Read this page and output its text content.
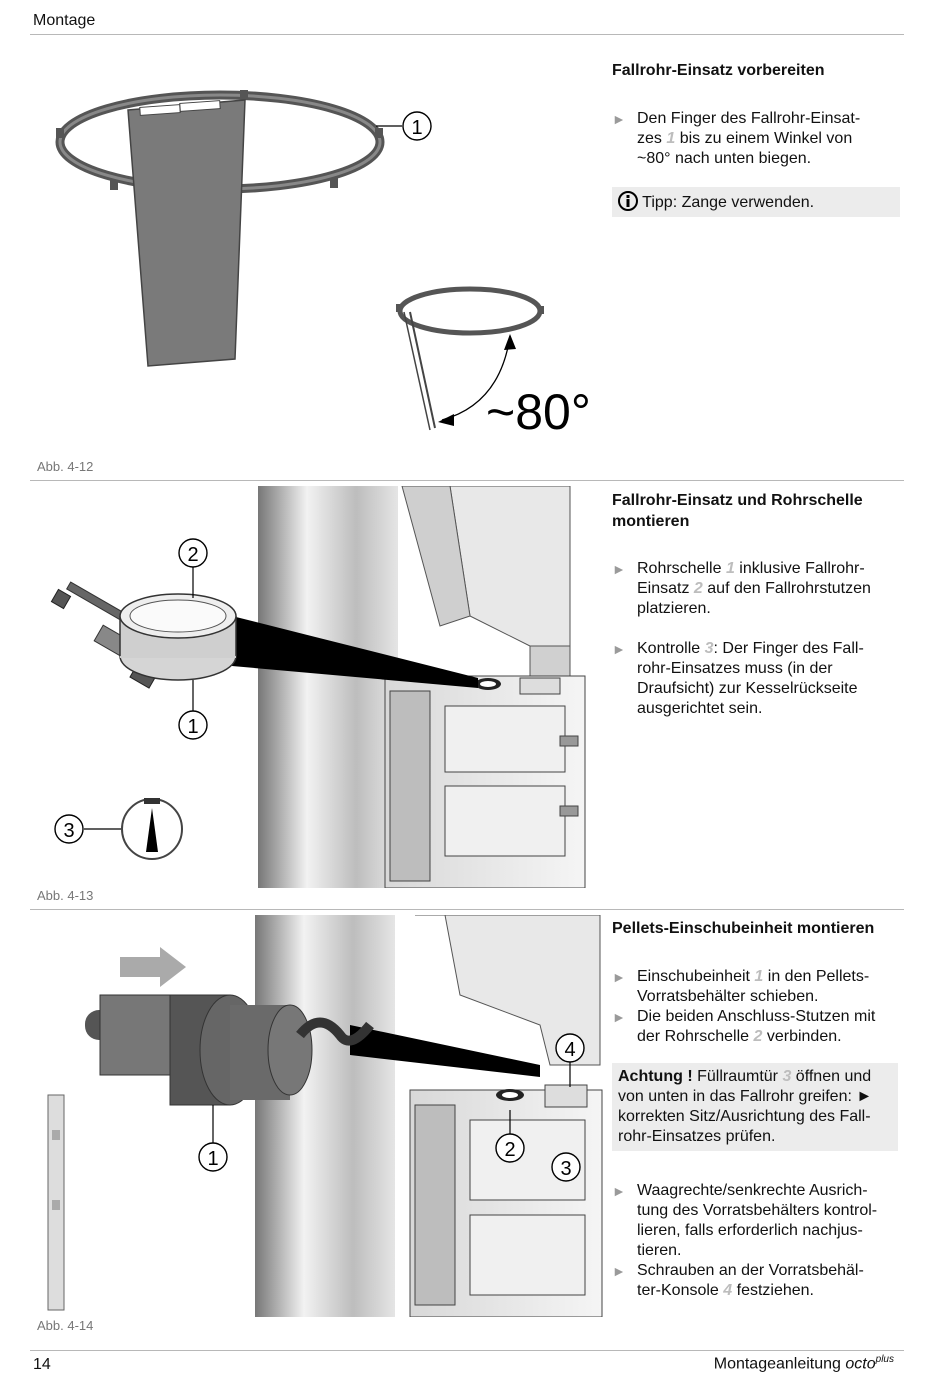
Montage
1
~80°
Abb. 4-12
Fallrohr-Einsatz vorbereiten
► Den Finger des Fallrohr-Einsat-
zes 1 bis zu einem Winkel von
~80° nach unten biegen.
Tipp: Zange verwenden.
2
1
3
Abb. 4-13
Fallrohr-Einsatz und Rohrschelle
montieren
► Rohrschelle 1 inklusive Fallrohr-
Einsatz 2 auf den Fallrohrstutzen
platzieren.
► Kontrolle 3: Der Finger des Fall-
rohr-Einsatzes muss (in der
Draufsicht) zur Kesselrückseite
ausgerichtet sein.
1
4
2
3
Abb. 4-14
Pellets-Einschubeinheit montieren
► Einschubeinheit 1 in den Pellets-
Vorratsbehälter schieben.
► Die beiden Anschluss-Stutzen mit
der Rohrschelle 2 verbinden.
Achtung ! Füllraumtür 3 öffnen und
von unten in das Fallrohr greifen: ►
korrekten Sitz/Ausrichtung des Fall-
rohr-Einsatzes prüfen.
► Waagrechte/senkrechte Ausrich-
tung des Vorratsbehälters kontrol-
lieren, falls erforderlich nachjus-
tieren.
► Schrauben an der Vorratsbehäl-
ter-Konsole 4 festziehen.
14	Montageanleitung octo$^{plus}$
